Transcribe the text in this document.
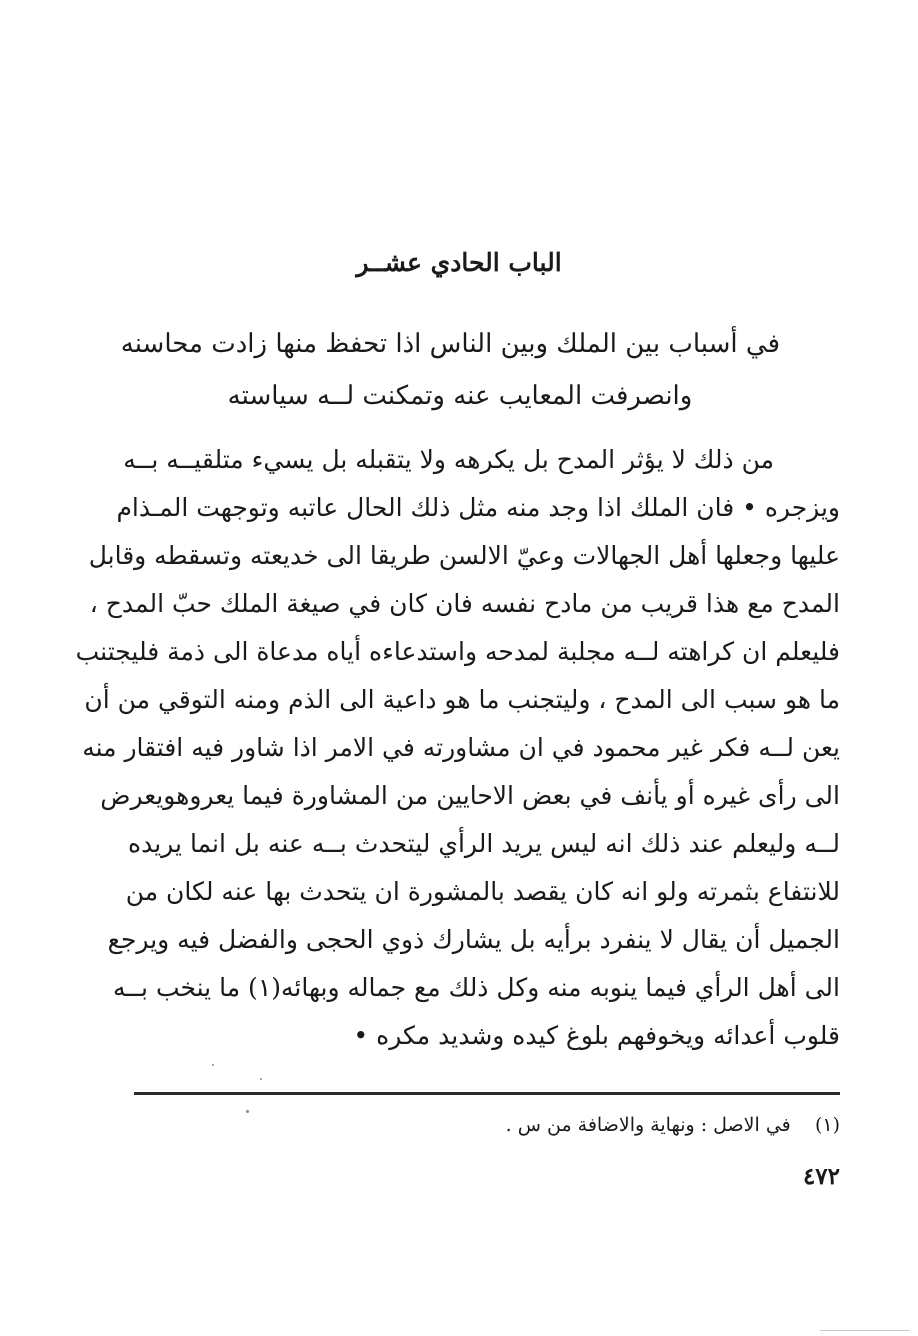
الباب الحادي عشــر
في أسباب بين الملك وبين الناس اذا تحفظ منها زادت محاسنه
وانصرفت المعايب عنه وتمكنت لــه سياسته
من ذلك لا يؤثر المدح بل يكرهه ولا يتقبله بل يسيء متلقيــه بــه
ويزجره • فان الملك اذا وجد منه مثل ذلك الحال عاتبه وتوجهت المـذام
عليها وجعلها أهل الجهالات وعيّ الالسن طريقا الى خديعته وتسقطه وقابل
المدح مع هذا قريب من مادح نفسه فان كان في صيغة الملك حبّ المدح ،
فليعلم ان كراهته لــه مجلبة لمدحه واستدعاءه أياه مدعاة الى ذمة فليجتنب
ما هو سبب الى المدح ، وليتجنب ما هو داعية الى الذم ومنه التوقي من أن
يعن لــه فكر غير محمود في ان مشاورته في الامر اذا شاور فيه افتقار منه
الى رأى غيره أو يأنف في بعض الاحايين من المشاورة فيما يعروهويعرض
لــه وليعلم عند ذلك انه ليس يريد الرأي ليتحدث بــه عنه بل انما يريده
للانتفاع بثمرته ولو انه كان يقصد بالمشورة ان يتحدث بها عنه لكان من
الجميل أن يقال لا ينفرد برأيه بل يشارك ذوي الحجى والفضل فيه ويرجع
الى أهل الرأي فيما ينوبه منه وكل ذلك مع جماله وبهائه(١) ما ينخب بــه
قلوب أعدائه ويخوفهم بلوغ كيده وشديد مكره •
(١)    في الاصل : ونهاية والاضافة من س .
٤٧٢
